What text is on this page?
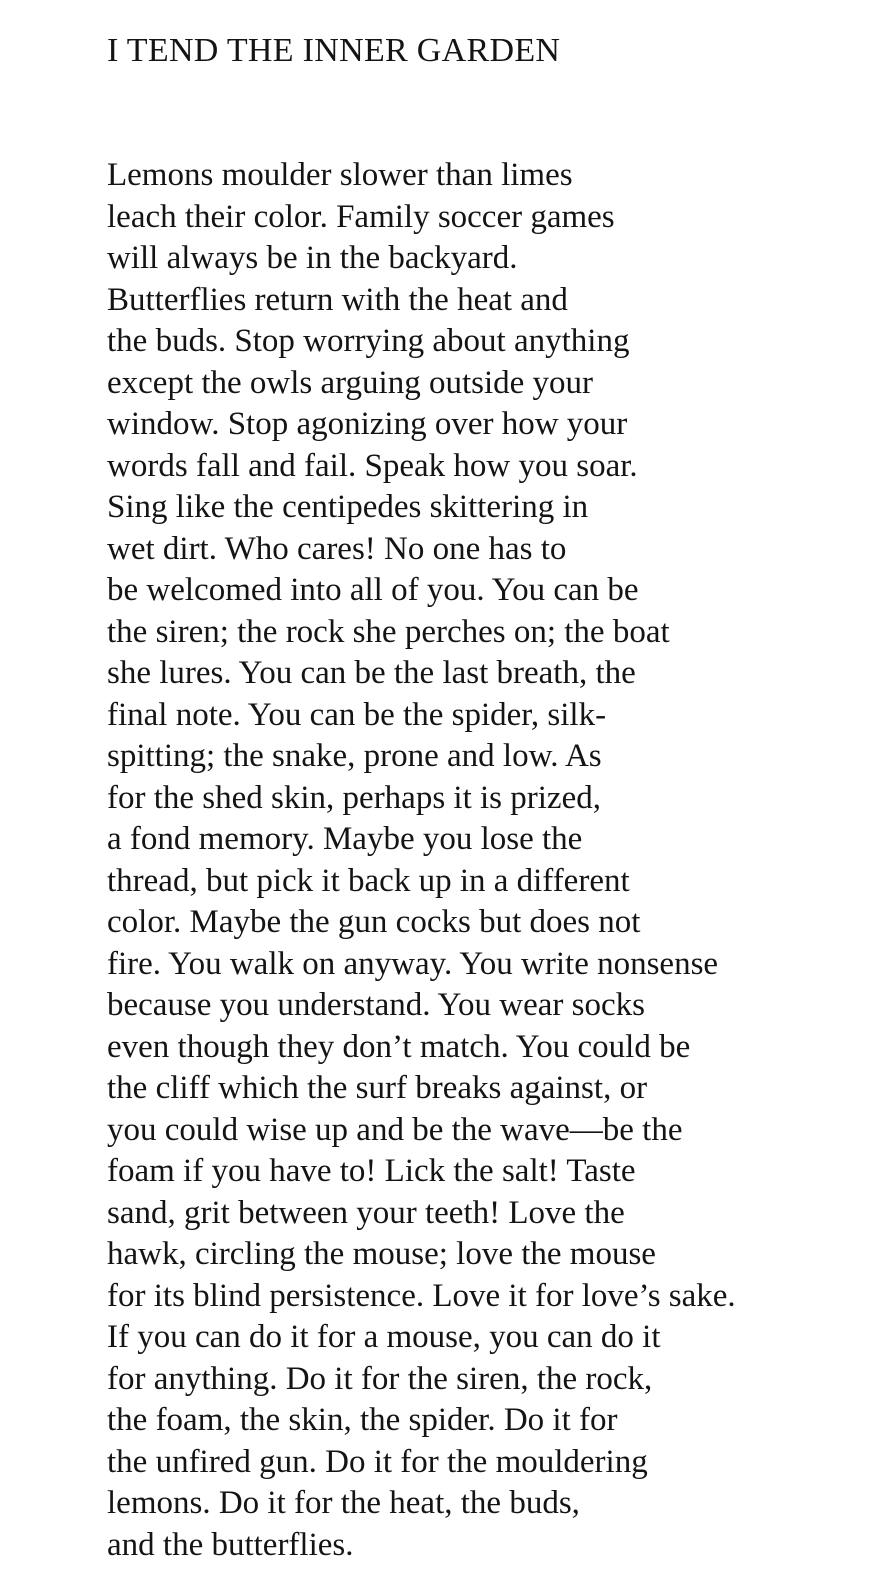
I TEND THE INNER GARDEN
Lemons moulder slower than limes
leach their color. Family soccer games
will always be in the backyard.
Butterflies return with the heat and
the buds. Stop worrying about anything
except the owls arguing outside your
window. Stop agonizing over how your
words fall and fail. Speak how you soar.
Sing like the centipedes skittering in
wet dirt. Who cares! No one has to
be welcomed into all of you. You can be
the siren; the rock she perches on; the boat
she lures. You can be the last breath, the
final note. You can be the spider, silk-
spitting; the snake, prone and low. As
for the shed skin, perhaps it is prized,
a fond memory. Maybe you lose the
thread, but pick it back up in a different
color. Maybe the gun cocks but does not
fire. You walk on anyway. You write nonsense
because you understand. You wear socks
even though they don’t match. You could be
the cliff which the surf breaks against, or
you could wise up and be the wave—be the
foam if you have to! Lick the salt! Taste
sand, grit between your teeth! Love the
hawk, circling the mouse; love the mouse
for its blind persistence. Love it for love’s sake.
If you can do it for a mouse, you can do it
for anything. Do it for the siren, the rock,
the foam, the skin, the spider. Do it for
the unfired gun. Do it for the mouldering
lemons. Do it for the heat, the buds,
and the butterflies.
